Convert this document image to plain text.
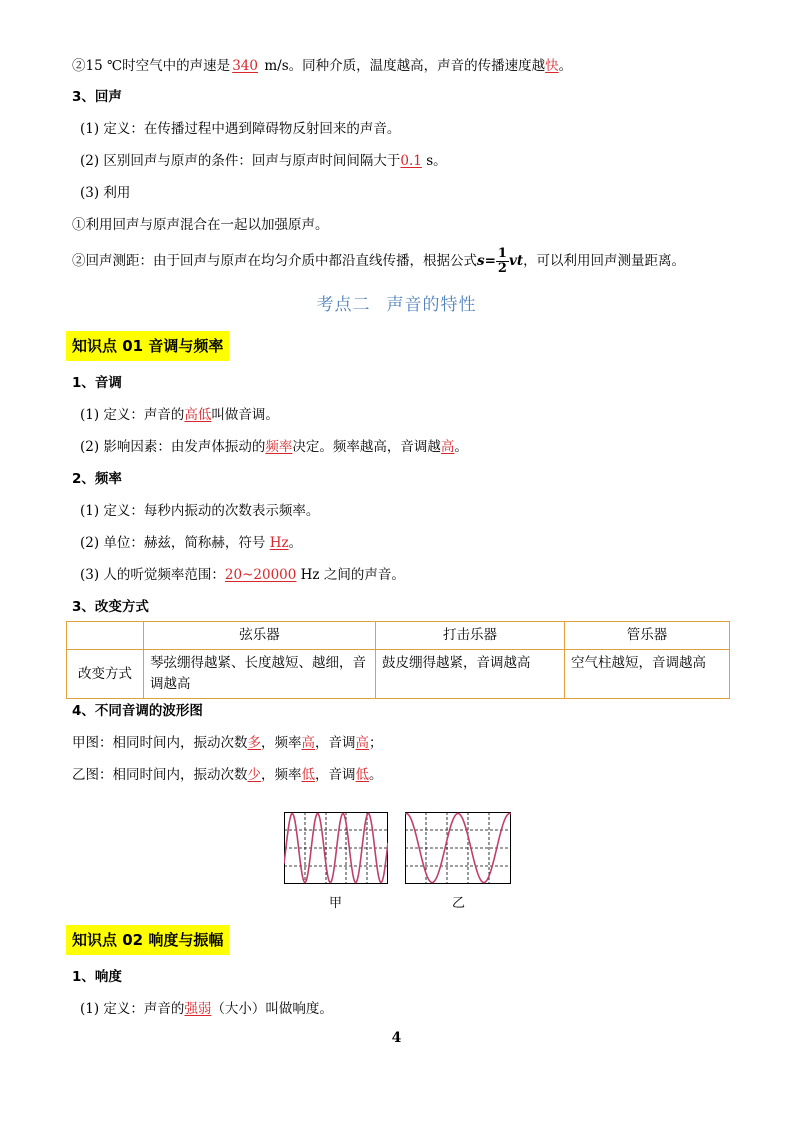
②15 ℃时空气中的声速是 340 m/s。同种介质，温度越高，声音的传播速度越快。
3、回声
(1) 定义：在传播过程中遇到障碍物反射回来的声音。
(2) 区别回声与原声的条件：回声与原声时间间隔大于0.1 s。
(3) 利用
①利用回声与原声混合在一起以加强原声。
②回声测距：由于回声与原声在均匀介质中都沿直线传播，根据公式$s= \frac{1}{2}$ vt，可以利用回声测量距离。
考点二 声音的特性
知识点 01 音调与频率
1、音调
(1) 定义：声音的高低叫做音调。
(2) 影响因素：由发声体振动的频率决定。频率越高，音调越高。
2、频率
(1) 定义：每秒内振动的次数表示频率。
(2) 单位：赫兹，简称赫，符号 Hz。
(3) 人的听觉频率范围：20~20000 Hz 之间的声音。
3、改变方式
	弦乐器	打击乐器	管乐器
改变方式	琴弦绷得越紧、长度越短、越细，音调越高	鼓皮绷得越紧，音调越高	空气柱越短，音调越高
4、不同音调的波形图
甲图：相同时间内，振动次数多，频率高，音调高；
乙图：相同时间内，振动次数少，频率低，音调低。
甲	乙
知识点 02 响度与振幅
1、响度
(1) 定义：声音的强弱（大小）叫做响度。
4
